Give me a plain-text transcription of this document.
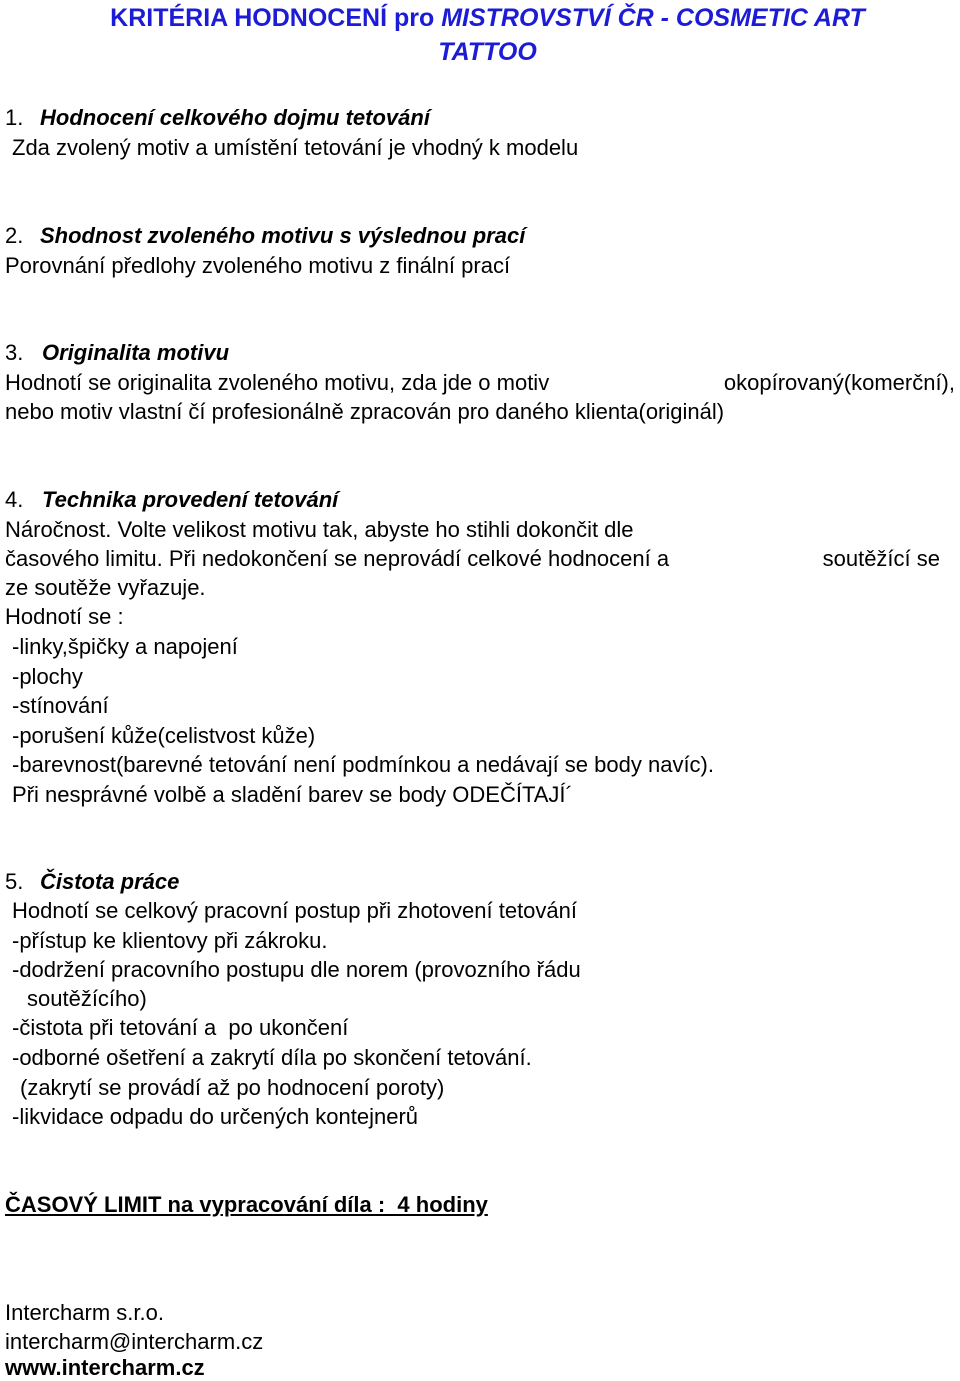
KRITÉRIA HODNOCENÍ pro MISTROVSTVÍ ČR - COSMETIC ART
TATTOO
1. Hodnocení celkového dojmu tetování
Zda zvolený motiv a umístění tetování je vhodný k modelu
2. Shodnost zvoleného motivu s výslednou prací
Porovnání předlohy zvoleného motivu z finální prací
3. Originalita motivu
Hodnotí se originalita zvoleného motivu, zda jde o motiv	okopírovaný(komerční),
nebo motiv vlastní čí profesionálně zpracován pro daného klienta(originál)
4. Technika provedení tetování
Náročnost. Volte velikost motivu tak, abyste ho stihli dokončit dle
časového limitu. Při nedokončení se neprovádí celkové hodnocení a	soutěžící se
ze soutěže vyřazuje.
Hodnotí se :
-linky,špičky a napojení
-plochy
-stínování
-porušení kůže(celistvost kůže)
-barevnost(barevné tetování není podmínkou a nedávají se body navíc).
Při nesprávné volbě a sladění barev se body ODEČÍTAJÍ´
5. Čistota práce
Hodnotí se celkový pracovní postup při zhotovení tetování
-přístup ke klientovy při zákroku.
-dodržení pracovního postupu dle norem (provozního řádu
soutěžícího)
-čistota při tetování a  po ukončení
-odborné ošetření a zakrytí díla po skončení tetování.
(zakrytí se provádí až po hodnocení poroty)
-likvidace odpadu do určených kontejnerů
ČASOVÝ LIMIT na vypracování díla :  4 hodiny
Intercharm s.r.o.
intercharm@intercharm.cz
www.intercharm.cz
